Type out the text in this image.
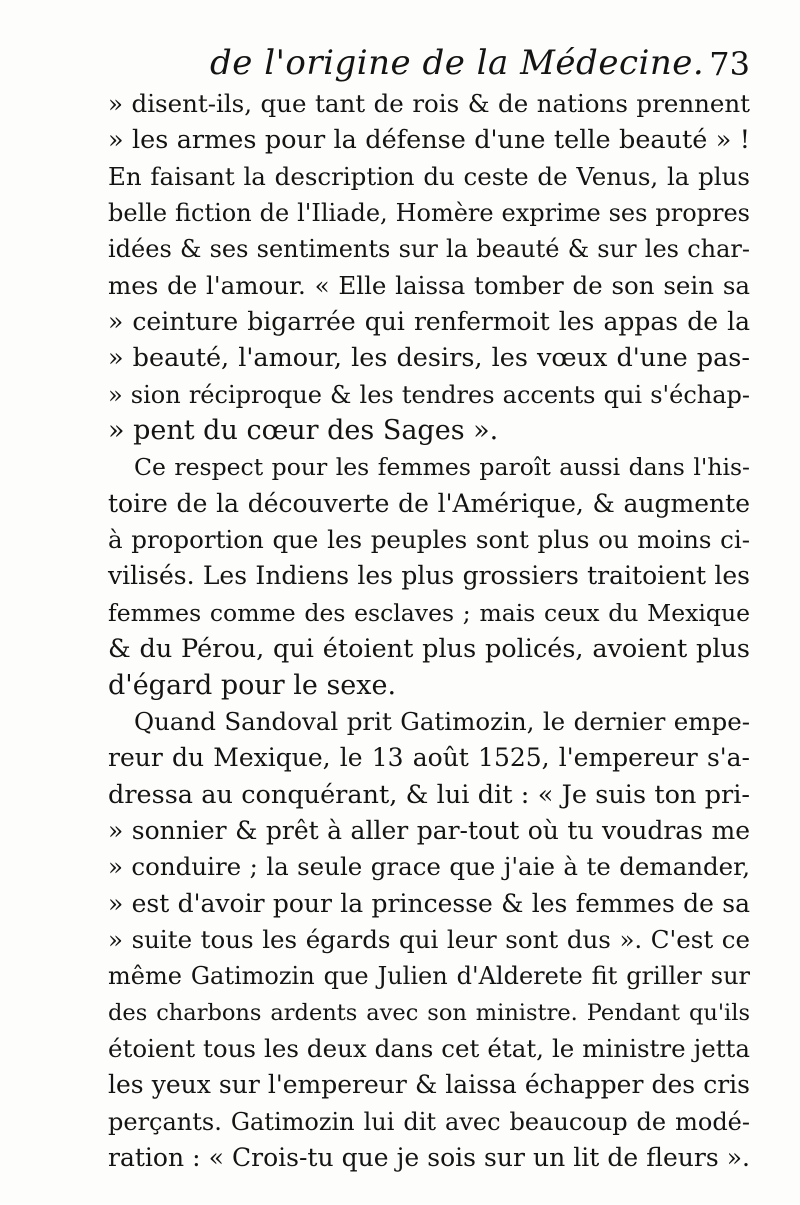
de l'origine de la Médecine. 73
» disent-ils, que tant de rois & de nations prennent
» les armes pour la défense d'une telle beauté » !
En faisant la description du ceste de Venus, la plus
belle fiction de l'Iliade, Homère exprime ses propres
idées & ses sentiments sur la beauté & sur les char-
mes de l'amour. « Elle laissa tomber de son sein sa
» ceinture bigarrée qui renfermoit les appas de la
» beauté, l'amour, les desirs, les vœux d'une pas-
» sion réciproque & les tendres accents qui s'échap-
» pent du cœur des Sages ».
Ce respect pour les femmes paroît aussi dans l'his-
toire de la découverte de l'Amérique, & augmente
à proportion que les peuples sont plus ou moins ci-
vilisés. Les Indiens les plus grossiers traitoient les
femmes comme des esclaves ; mais ceux du Mexique
& du Pérou, qui étoient plus policés, avoient plus
d'égard pour le sexe.
Quand Sandoval prit Gatimozin, le dernier empe-
reur du Mexique, le 13 août 1525, l'empereur s'a-
dressa au conquérant, & lui dit : « Je suis ton pri-
» sonnier & prêt à aller par-tout où tu voudras me
» conduire ; la seule grace que j'aie à te demander,
» est d'avoir pour la princesse & les femmes de sa
» suite tous les égards qui leur sont dus ». C'est ce
même Gatimozin que Julien d'Alderete fit griller sur
des charbons ardents avec son ministre. Pendant qu'ils
étoient tous les deux dans cet état, le ministre jetta
les yeux sur l'empereur & laissa échapper des cris
perçants. Gatimozin lui dit avec beaucoup de modé-
ration : « Crois-tu que je sois sur un lit de fleurs ».
